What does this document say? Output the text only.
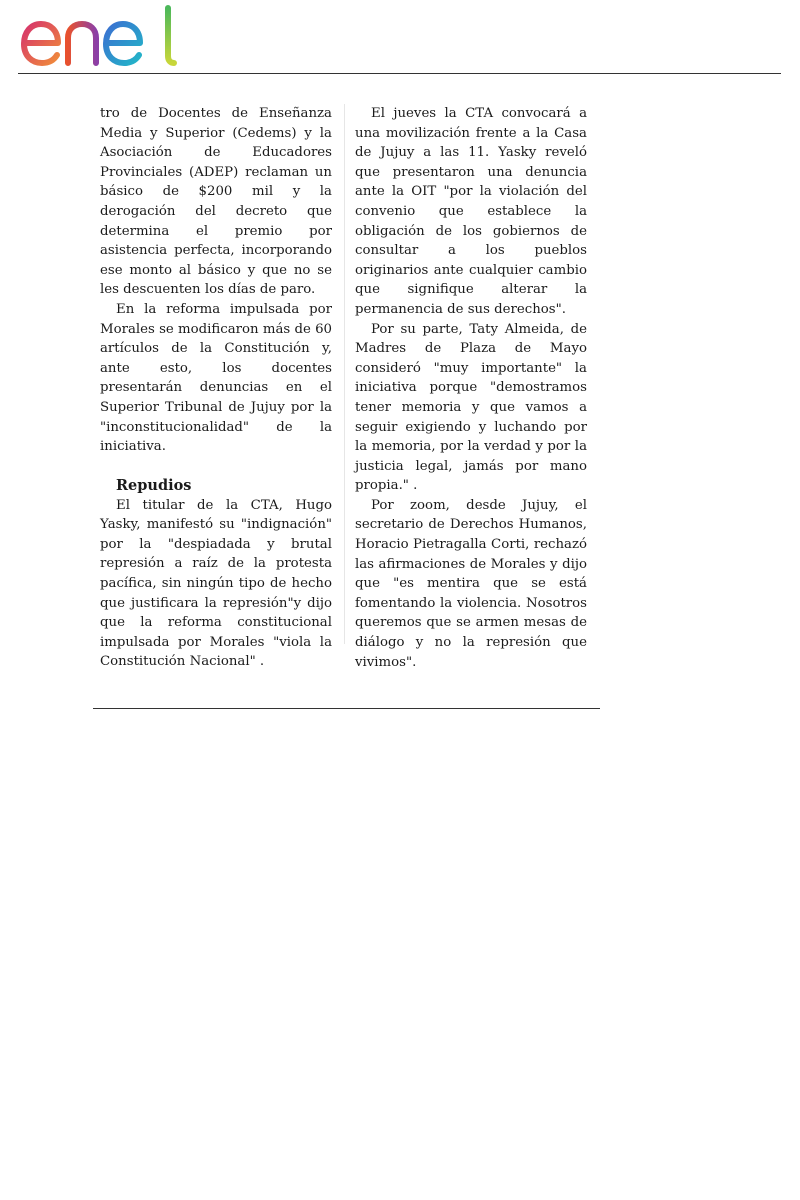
tro de Docentes de Enseñanza Media y Superior (Cedems) y la Asociación de Educadores Provinciales (ADEP) reclaman un básico de $200 mil y la derogación del decreto que determina el premio por asistencia perfecta, incorporando ese monto al básico y que no se les descuenten los días de paro.

En la reforma impulsada por Morales se modificaron más de 60 artículos de la Constitución y, ante esto, los docentes presentarán denuncias en el Superior Tribunal de Jujuy por la "inconstitucionalidad" de la iniciativa.

Repudios

El titular de la CTA, Hugo Yasky, manifestó su "indignación" por la "despiadada y brutal represión a raíz de la protesta pacífica, sin ningún tipo de hecho que justificara la represión"y dijo que la reforma constitucional impulsada por Morales "viola la Constitución Nacional" .

El jueves la CTA convocará a una movilización frente a la Casa de Jujuy a las 11. Yasky reveló que presentaron una denuncia ante la OIT "por la violación del convenio que establece la obligación de los gobiernos de consultar a los pueblos originarios ante cualquier cambio que signifique alterar la permanencia de sus derechos".

Por su parte, Taty Almeida, de Madres de Plaza de Mayo consideró "muy importante" la iniciativa porque "demostramos tener memoria y que vamos a seguir exigiendo y luchando por la memoria, por la verdad y por la justicia legal, jamás por mano propia." .

Por zoom, desde Jujuy, el secretario de Derechos Humanos, Horacio Pietragalla Corti, rechazó las afirmaciones de Morales y dijo que "es mentira que se está fomentando la violencia. Nosotros queremos que se armen mesas de diálogo y no la represión que vivimos".
